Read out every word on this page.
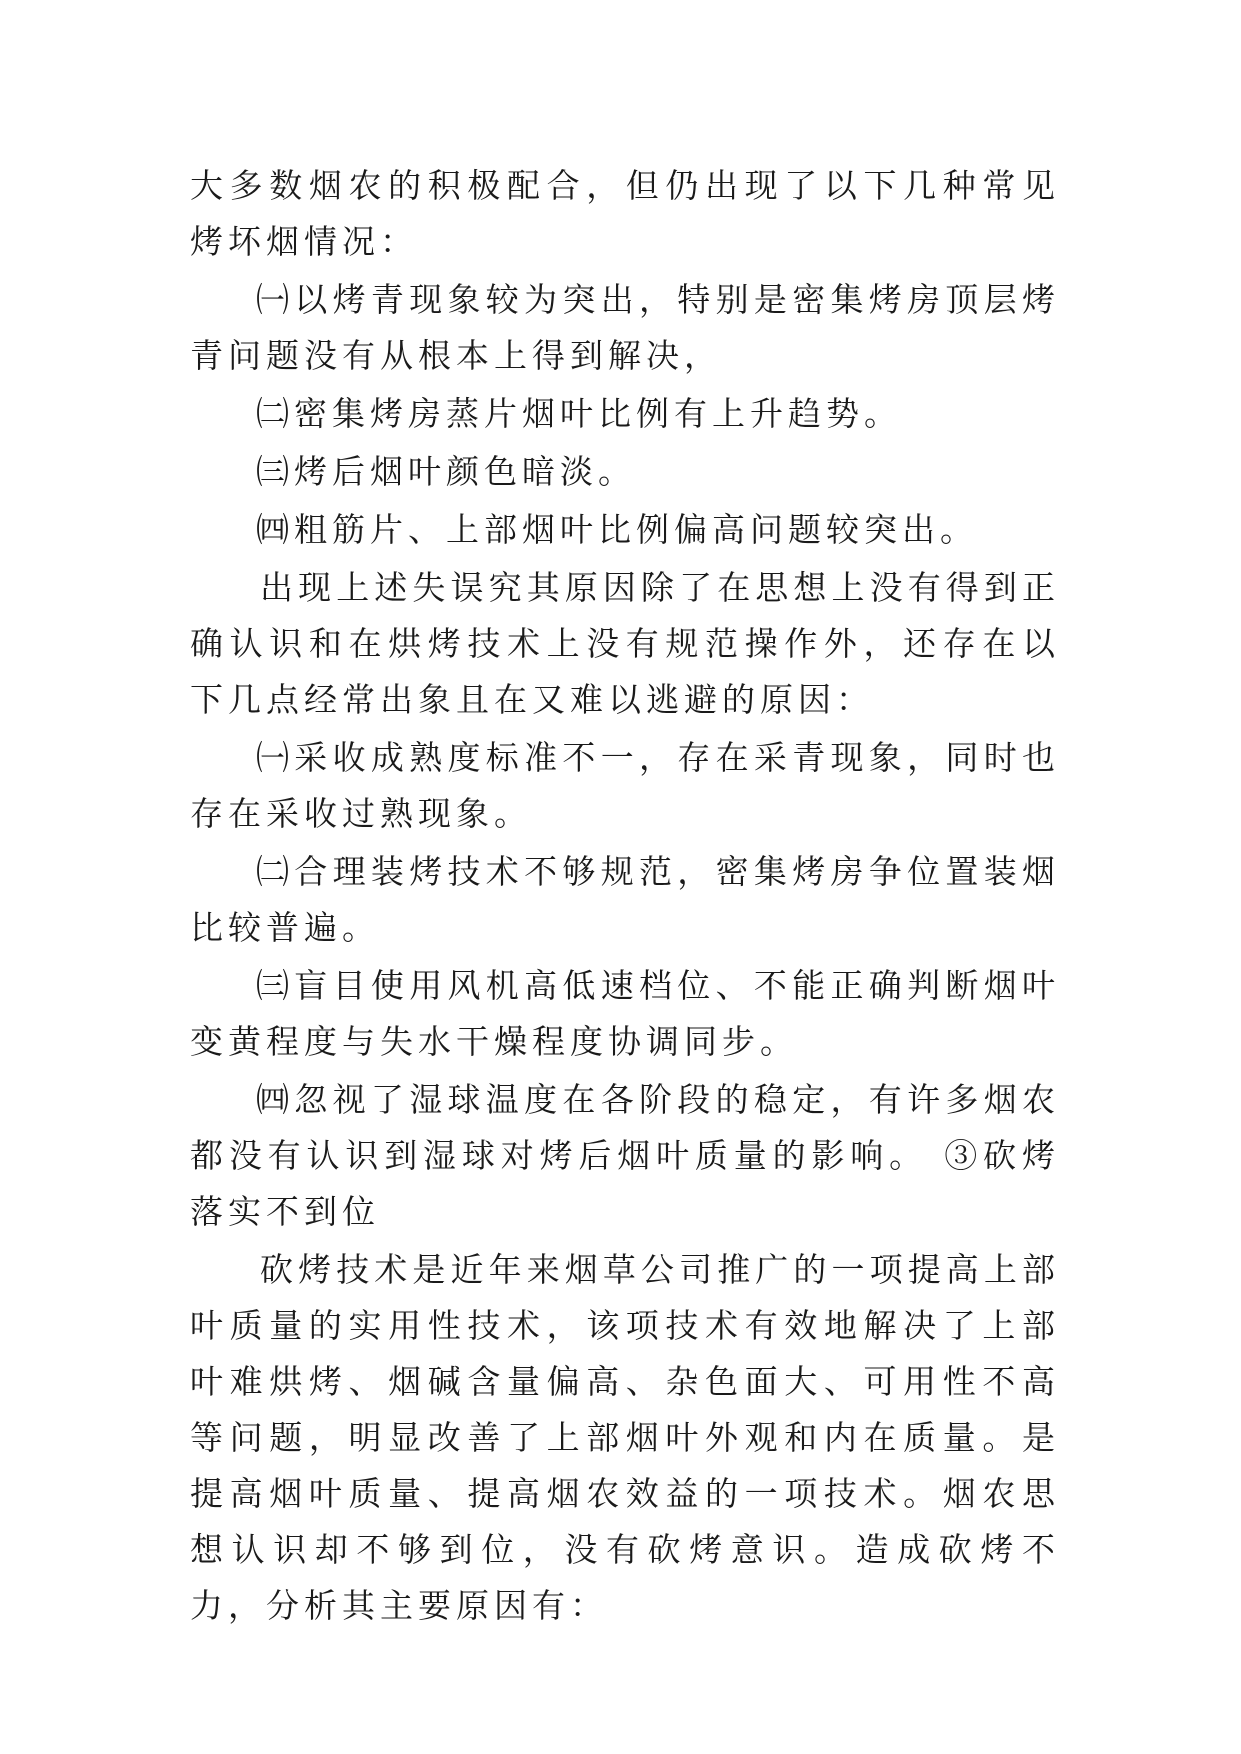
大多数烟农的积极配合，但仍出现了以下几种常见烤坏烟情况：

㈠以烤青现象较为突出，特别是密集烤房顶层烤青问题没有从根本上得到解决，

㈡密集烤房蒸片烟叶比例有上升趋势。

㈢烤后烟叶颜色暗淡。

㈣粗筋片、上部烟叶比例偏高问题较突出。

出现上述失误究其原因除了在思想上没有得到正确认识和在烘烤技术上没有规范操作外，还存在以下几点经常出象且在又难以逃避的原因：

㈠采收成熟度标准不一，存在采青现象，同时也存在采收过熟现象。

㈡合理装烤技术不够规范，密集烤房争位置装烟比较普遍。

㈢盲目使用风机高低速档位、不能正确判断烟叶变黄程度与失水干燥程度协调同步。

㈣忽视了湿球温度在各阶段的稳定，有许多烟农都没有认识到湿球对烤后烟叶质量的影响。 ③砍烤落实不到位

砍烤技术是近年来烟草公司推广的一项提高上部叶质量的实用性技术，该项技术有效地解决了上部叶难烘烤、烟碱含量偏高、杂色面大、可用性不高等问题，明显改善了上部烟叶外观和内在质量。是提高烟叶质量、提高烟农效益的一项技术。烟农思想认识却不够到位，没有砍烤意识。造成砍烤不力，分析其主要原因有：
